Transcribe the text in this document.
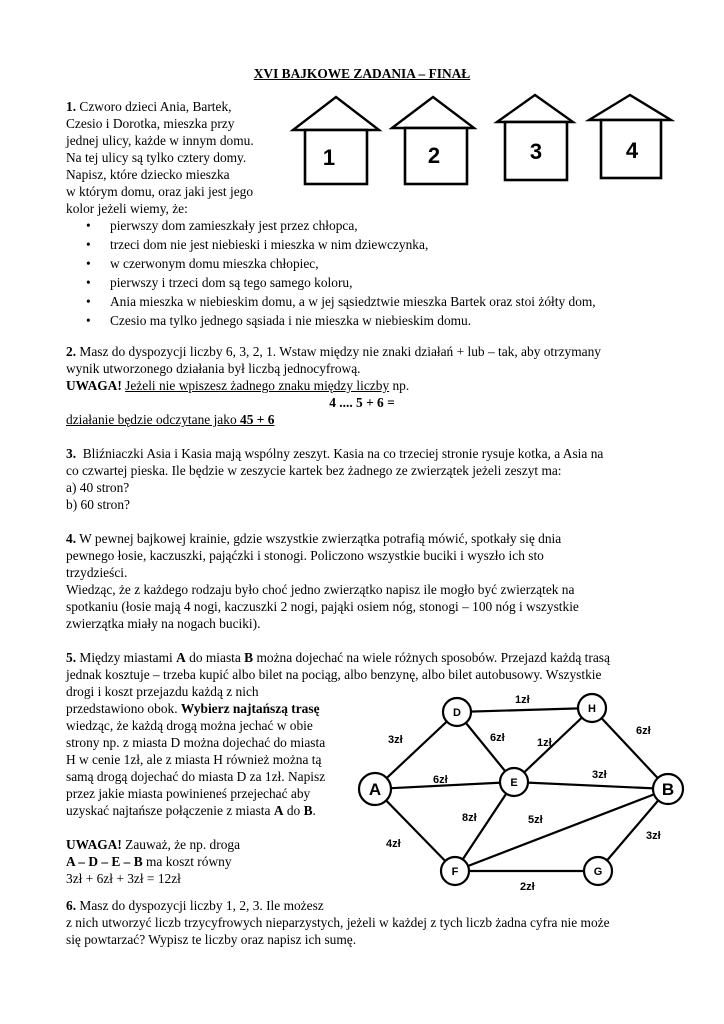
XVI BAJKOWE ZADANIA – FINAŁ
1. Czworo dzieci Ania, Bartek,
Czesio i Dorotka, mieszka przy
jednej ulicy, każde w innym domu.
Na tej ulicy są tylko cztery domy.
Napisz, które dziecko mieszka
w którym domu, oraz jaki jest jego
kolor jeżeli wiemy, że:
• pierwszy dom zamieszkały jest przez chłopca,
• trzeci dom nie jest niebieski i mieszka w nim dziewczynka,
• w czerwonym domu mieszka chłopiec,
• pierwszy i trzeci dom są tego samego koloru,
• Ania mieszka w niebieskim domu, a w jej sąsiedztwie mieszka Bartek oraz stoi żółty dom,
• Czesio ma tylko jednego sąsiada i nie mieszka w niebieskim domu.
1	2	3	4
2. Masz do dyspozycji liczby 6, 3, 2, 1. Wstaw między nie znaki działań + lub – tak, aby otrzymany
wynik utworzonego działania był liczbą jednocyfrową.
UWAGA! Jeżeli nie wpiszesz żadnego znaku między liczby np.
4 .... 5 + 6 =
działanie będzie odczytane jako 45 + 6
3. Bliźniaczki Asia i Kasia mają wspólny zeszyt. Kasia na co trzeciej stronie rysuje kotka, a Asia na
co czwartej pieska. Ile będzie w zeszycie kartek bez żadnego ze zwierzątek jeżeli zeszyt ma:
a) 40 stron?
b) 60 stron?
4. W pewnej bajkowej krainie, gdzie wszystkie zwierzątka potrafią mówić, spotkały się dnia
pewnego łosie, kaczuszki, pająćzki i stonogi. Policzono wszystkie buciki i wyszło ich sto
trzydzieści.
Wiedząc, że z każdego rodzaju było choć jedno zwierzątko napisz ile mogło być zwierzątek na
spotkaniu (łosie mają 4 nogi, kaczuszki 2 nogi, pająki osiem nóg, stonogi – 100 nóg i wszystkie
zwierzątka miały na nogach buciki).
5. Między miastami A do miasta B można dojechać na wiele różnych sposobów. Przejazd każdą trasą
jednak kosztuje – trzeba kupić albo bilet na pociąg, albo benzynę, albo bilet autobusowy. Wszystkie
drogi i koszt przejazdu każdą z nich
przedstawiono obok. Wybierz najtańszą trasę
wiedząc, że każdą drogą można jechać w obie
strony np. z miasta D można dojechać do miasta
H w cenie 1zł, ale z miasta H również można tą
samą drogą dojechać do miasta D za 1zł. Napisz
przez jakie miasta powinieneś przejechać aby
uzyskać najtańsze połączenie z miasta A do B.
UWAGA! Zauważ, że np. droga
A – D – E – B ma koszt równy
3zł + 6zł + 3zł = 12zł
1zł
6zł
3zł	6zł	1zł
6zł	3zł
8zł	5zł
4zł
3zł
2zł
A	B
D
E
F	G
H
6. Masz do dyspozycji liczby 1, 2, 3. Ile możesz
z nich utworzyć liczb trzycyfrowych nieparzystych, jeżeli w każdej z tych liczb żadna cyfra nie może
się powtarzać? Wypisz te liczby oraz napisz ich sumę.
